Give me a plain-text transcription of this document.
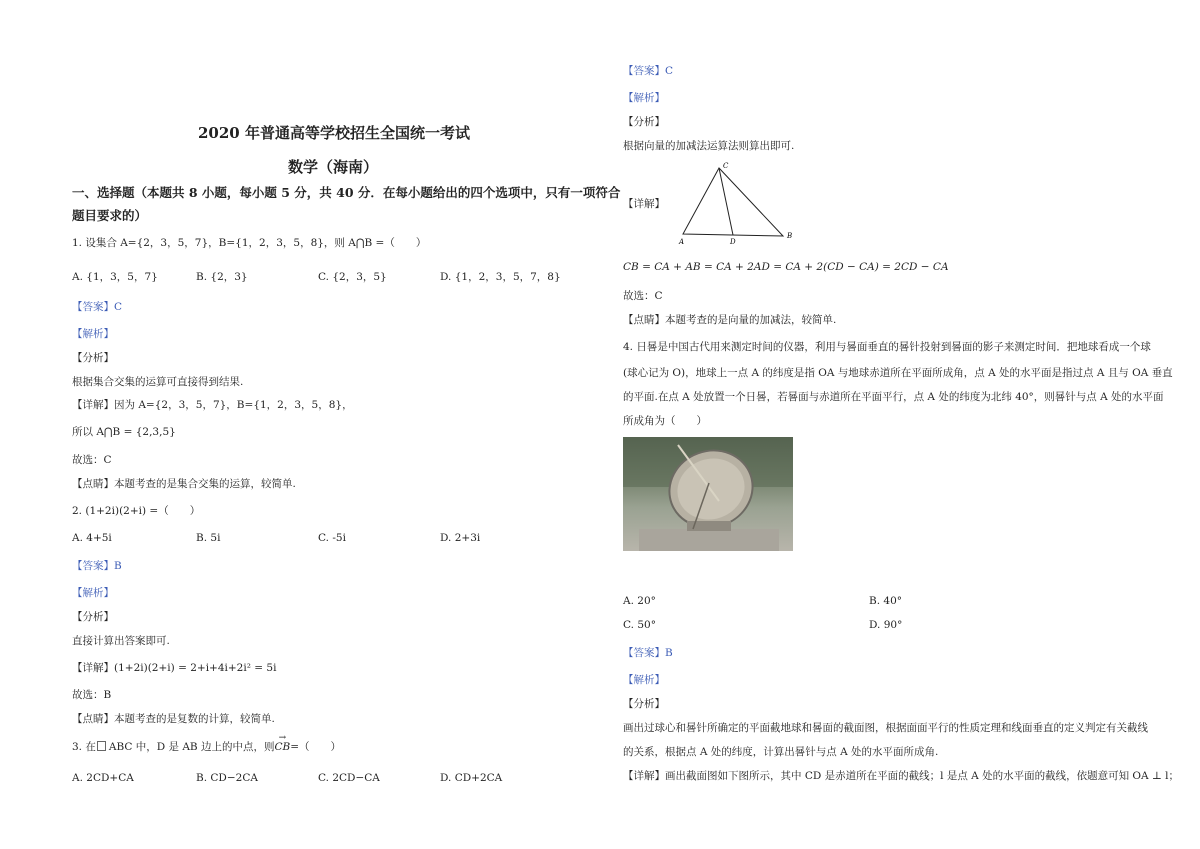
2020 年普通高等学校招生全国统一考试
数学（海南）
一、选择题（本题共 8 小题，每小题 5 分，共 40 分．在每小题给出的四个选项中，只有一项符合
题目要求的）
1. 设集合 A={2，3，5，7}，B={1，2，3，5，8}，则 A⋂B =（　　）
A. {1，3，5，7}	B. {2，3}	C. {2，3，5}	D. {1，2，3，5，7，8}
【答案】C
【解析】
【分析】
根据集合交集的运算可直接得到结果.
【详解】因为 A={2，3，5，7}，B={1，2，3，5，8}，
所以 A⋂B = {2,3,5}
故选：C
【点睛】本题考查的是集合交集的运算，较简单.
2. (1+2i)(2+i) =（　　）
A. 4+5i	B. 5i	C. -5i	D. 2+3i
【答案】B
【解析】
【分析】
直接计算出答案即可.
【详解】(1+2i)(2+i) = 2+i+4i+2i² = 5i
故选：B
【点睛】本题考查的是复数的计算，较简单.
3. 在 ABC 中，D 是 AB 边上的中点，则→ CB=（　　）
A. 2CD+CA	B. CD−2CA	C. 2CD−CA	D. CD+2CA
【答案】C
【解析】
【分析】
根据向量的加减法运算法则算出即可.
【详解】
C
A	D
B
CB = CA + AB = CA + 2AD = CA + 2(CD − CA) = 2CD − CA
故选：C
【点睛】本题考查的是向量的加减法，较简单.
4. 日晷是中国古代用来测定时间的仪器，利用与晷面垂直的晷针投射到晷面的影子来测定时间．把地球看成一个球
(球心记为 O)，地球上一点 A 的纬度是指 OA 与地球赤道所在平面所成角，点 A 处的水平面是指过点 A 且与 OA 垂直
的平面.在点 A 处放置一个日晷，若晷面与赤道所在平面平行，点 A 处的纬度为北纬 40°，则晷针与点 A 处的水平面
所成角为（　　）
A. 20°	B. 40°
C. 50°	D. 90°
【答案】B
【解析】
【分析】
画出过球心和晷针所确定的平面截地球和晷面的截面图，根据面面平行的性质定理和线面垂直的定义判定有关截线
的关系，根据点 A 处的纬度，计算出晷针与点 A 处的水平面所成角.
【详解】画出截面图如下图所示，其中 CD 是赤道所在平面的截线；l 是点 A 处的水平面的截线，依题意可知 OA ⊥ l；
